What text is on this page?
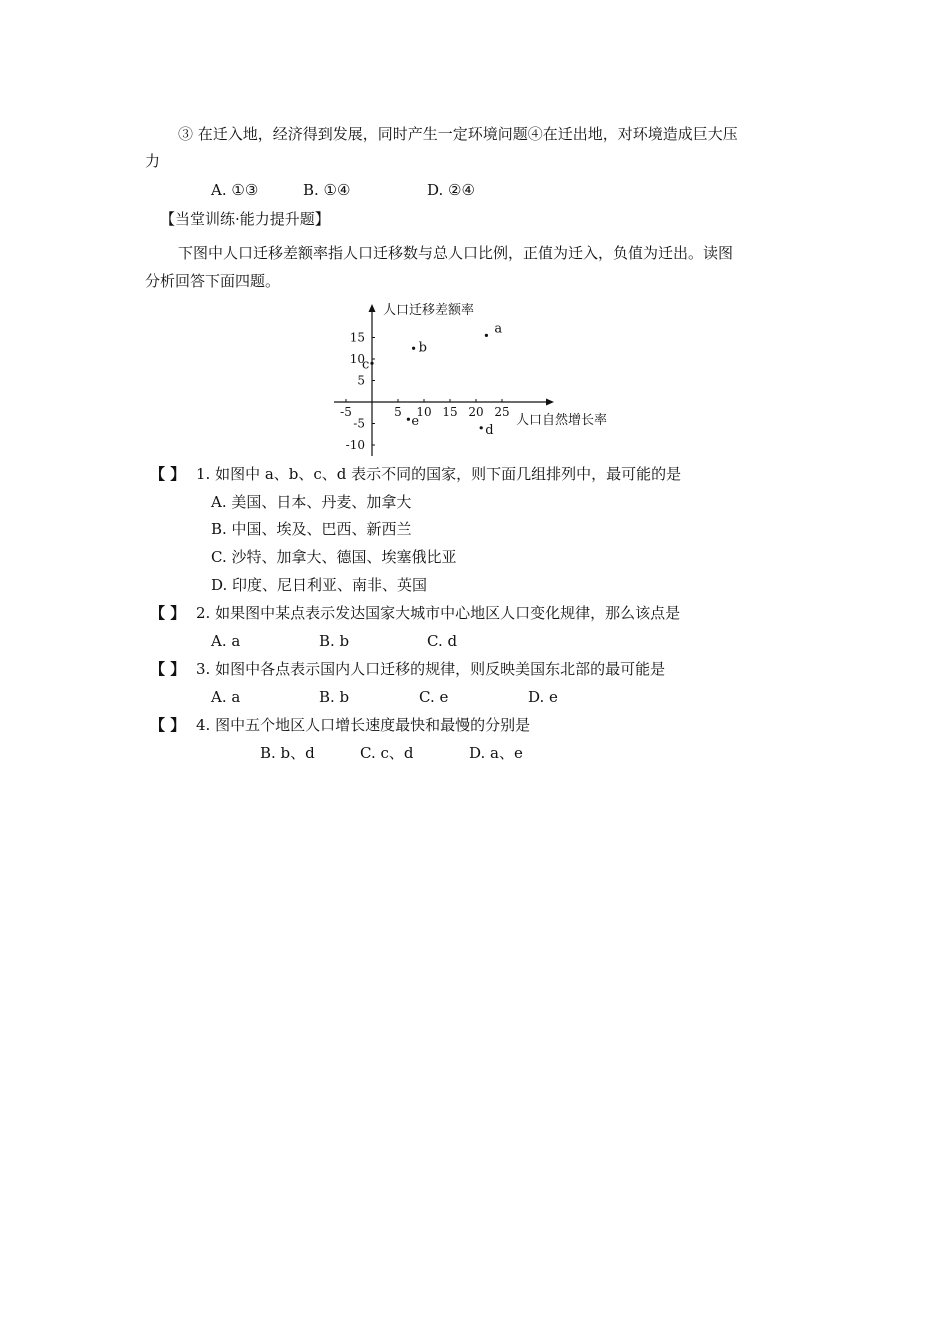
③ 在迁入地，经济得到发展，同时产生一定环境问题④在迁出地，对环境造成巨大压
力
A. ①③	B. ①④	D. ②④
【当堂训练·能力提升题】
下图中人口迁移差额率指人口迁移数与总人口比例，正值为迁入，负值为迁出。读图
分析回答下面四题。
-5	5 10 15 20 25
15
10
5
-5
-10
a
b
c
d
e
人口迁移差额率
人口自然增长率
【 】 1. 如图中 a、b、c、d 表示不同的国家，则下面几组排列中，最可能的是
A. 美国、日本、丹麦、加拿大
B. 中国、埃及、巴西、新西兰
C. 沙特、加拿大、德国、埃塞俄比亚
D. 印度、尼日利亚、南非、英国
【 】 2. 如果图中某点表示发达国家大城市中心地区人口变化规律，那么该点是
A. a	B. b	C. d
【 】 3. 如图中各点表示国内人口迁移的规律，则反映美国东北部的最可能是
A. a	B. b	C. e	D. e
【 】 4. 图中五个地区人口增长速度最快和最慢的分别是
B. b、d	C. c、d	D. a、e
